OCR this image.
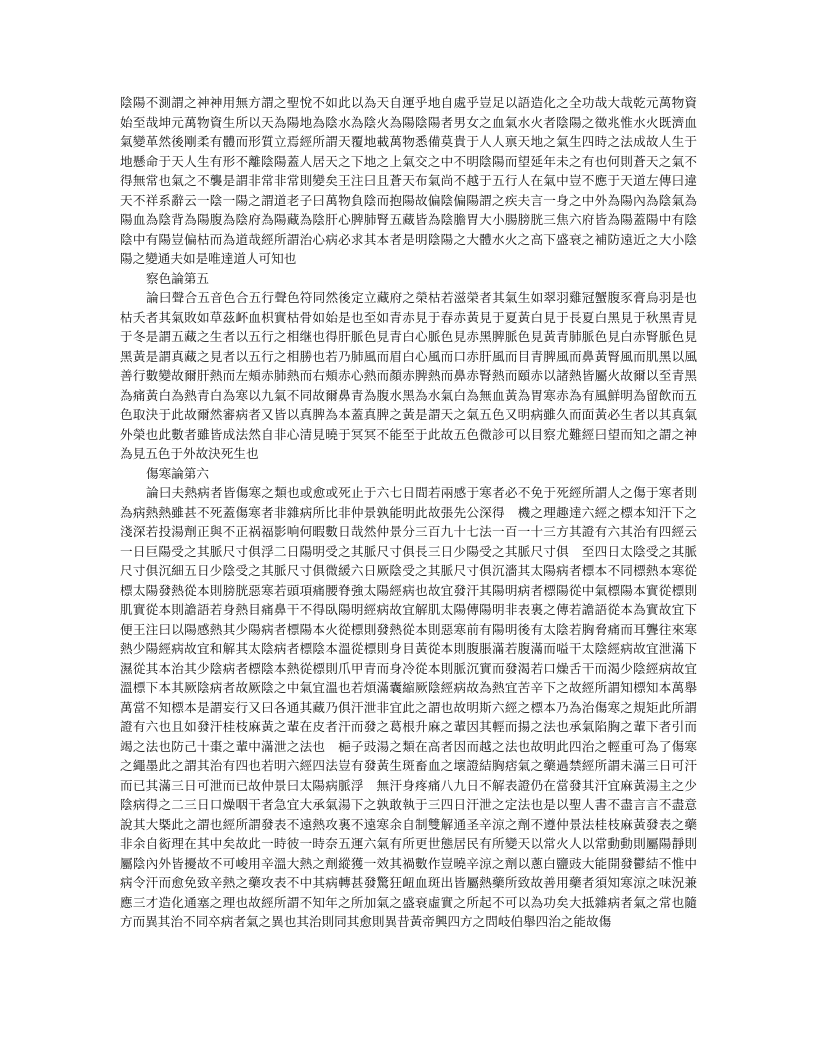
陰陽不測謂之神神用無方謂之聖悅不如此以為天自運乎地自處乎豈足以語造化之全功哉大哉乾元萬物資始至哉坤元萬物資生所以天為陽地為陰水為陰火為陽陰陽者男女之血氣水火者陰陽之徵兆惟水火既濟血氣變革然後剛柔有體而形質立焉經所謂天覆地載萬物悉備莫貴于人人禀天地之氣生四時之法成故人生于地懸命于天人生有形不離陰陽蓋人居天之下地之上氣交之中不明陰陽而望延年未之有也何則蒼天之氣不得無常也氣之不襲是謂非常非常則變矣王注曰且蒼天布氣尚不越于五行人在氣中豈不應于天道左傳曰違天不祥系辭云一陰一陽之謂道老子曰萬物負陰而抱陽故偏陰偏陽謂之疾夫言一身之中外為陽內為陰氣為陽血為陰背為陽腹為陰府為陽藏為陰肝心脾肺腎五藏皆為陰膽胃大小腸膀胱三焦六府皆為陽蓋陽中有陰陰中有陽豈偏枯而為道哉經所謂治心病必求其本者是明陰陽之大體水火之高下盛衰之補防遠近之大小陰陽之變通夫如是唯達道人可知也

察色論第五

論曰聲合五音色合五行聲色符同然後定立藏府之榮枯若滋榮者其氣生如翠羽雞冠蟹腹豕膏烏羽是也枯夭者其氣敗如草茲衃血枳實枯骨如始是也至如青赤見于春赤黃見于夏黃白見于長夏白黑見于秋黑青見于冬是謂五藏之生者以五行之相继也得肝脈色見青白心脈色見赤黑脾脈色見黃青肺脈色見白赤腎脈色見黑黃是謂真藏之見者以五行之相勝也若乃肺風而眉白心風而口赤肝風而目青脾風而鼻黃腎風而肌黑以風善行數變故爾肝熱而左頰赤肺熱而右頰赤心熱而顏赤脾熱而鼻赤腎熱而頤赤以諸熱皆屬火故爾以至青黑為痛黃白為熱青白為寒以九氣不同故爾鼻青為腹水黑為水氣白為無血黃為胃寒赤為有風鮮明為留飲而五色取決于此故爾然審病者又皆以真脾為本蓋真脾之黃是謂天之氣五色又明病雖久而面黃必生者以其真氣外榮也此數者雖皆成法然自非心清見曉于冥冥不能至于此故五色微診可以目察尤難經曰望而知之謂之神為見五色于外故決死生也

傷寒論第六

論曰夫熱病者皆傷寒之類也或愈或死止于六七日間若兩感于寒者必不免于死經所謂人之傷于寒者則為病熱熱雖甚不死蓋傷寒者非雜病所比非仲景孰能明此故張先公深得　機之理趣達六經之標本知汗下之淺深若投湯劑正與不正祸福影响何暇數日哉然仲景分三百九十七法一百一十三方其證有六其治有四經云一日巨陽受之其脈尺寸俱浮二日陽明受之其脈尺寸俱長三日少陽受之其脈尺寸俱　至四日太陰受之其脈尺寸俱沉細五日少陰受之其脈尺寸俱微緩六日厥陰受之其脈尺寸俱沉濇其太陽病者標本不同標熱本寒從標太陽發熱從本則膀胱惡寒若頭項痛腰脊強太陽經病也故宜發汗其陽明病者標陽從中氣標陽本實從標則肌實從本則譫語若身熱目痛鼻干不得臥陽明經病故宜解肌太陽傳陽明非表裏之傳若譫語從本為實故宜下便王注曰以陽感熱其少陽病者標陽本火從標則發熱從本則惡寒前有陽明後有太陰若胸脅痛而耳聾往來寒熱少陽經病故宜和解其太陰病者標陰本溫從標則身目黃從本則腹脹滿若腹滿而嗌干太陰經病故宜泄滿下濕從其本治其少陰病者標陰本熱從標則爪甲青而身冷從本則脈沉實而發渴若口燥舌干而渴少陰經病故宜溫標下本其厥陰病者故厥陰之中氣宜溫也若煩滿囊縮厥陰經病故為熱宜苦辛下之故經所謂知標知本萬舉萬當不知標本是謂妄行又曰各通其藏乃俱汗泄非宜此之謂也故明斯六經之標本乃為治傷寒之規矩此所謂證有六也且如發汗桂枝麻黃之輩在皮者汗而發之葛根升麻之輩因其輕而揚之法也承氣陷胸之輩下者引而竭之法也防己十棗之輩中滿泄之法也　梔子豉湯之類在高者因而越之法也故明此四治之輕重可為了傷寒之繩墨此之謂其治有四也若明六經四法豈有發黃生斑畜血之壞證結胸痞氣之藥過禁經所謂未滿三日可汗而已其滿三日可泄而已故仲景曰太陽病脈浮　無汗身疼痛八九日不解表證仍在當發其汗宜麻黃湯主之少陰病得之二三日口燥咽干者急宜大承氣湯下之孰敢執于三四日汗泄之定法也是以聖人書不盡言言不盡意說其大槩此之謂也經所謂發表不遠熱攻裏不遠寒余自制雙解通圣辛涼之劑不遵仲景法桂枝麻黃發表之藥非余自衒理在其中矣故此一時彼一時奈五運六氣有所更世態居民有所變天以常火人以常動動則屬陽靜則屬陰內外皆擾故不可峻用辛溫大熱之劑縱獲一效其禍數作豈曉辛涼之劑以蔥白鹽豉大能開發鬱結不惟中病令汗而愈免致辛熱之藥攻表不中其病轉甚發驚狂衄血斑出皆屬熱藥所致故善用藥者須知寒涼之味況兼應三才造化通塞之理也故經所謂不知年之所加氣之盛衰虛實之所起不可以為功矣大抵雜病者氣之常也隨方而異其治不同卒病者氣之異也其治則同其愈則異昔黃帝興四方之問岐伯舉四治之能故傷
